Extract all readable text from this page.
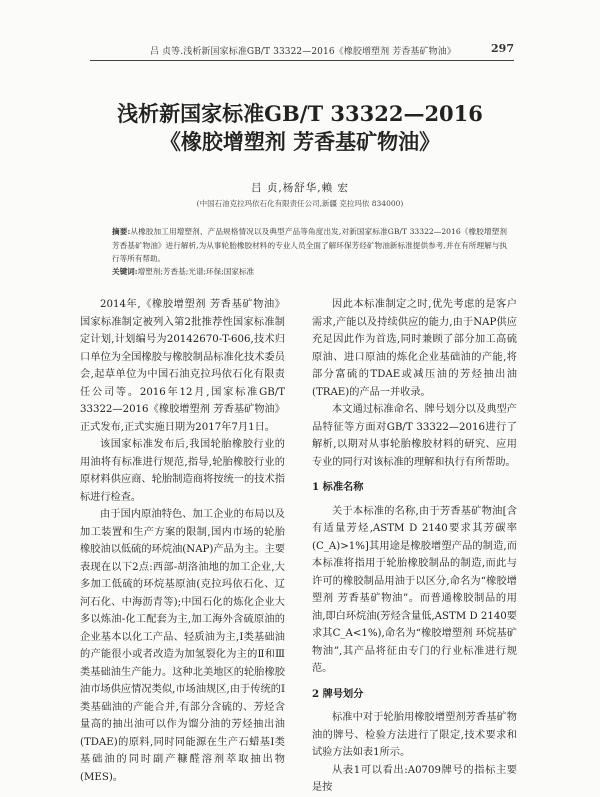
吕 贞等.浅析新国家标准GB/T 33322—2016《橡胶增塑剂 芳香基矿物油》	297
浅析新国家标准GB/T 33322—2016
《橡胶增塑剂 芳香基矿物油》
吕 贞,杨舒华,赖 宏
(中国石油克拉玛依石化有限责任公司,新疆 克拉玛依 834000)
摘要:从橡胶加工用增塑剂、产品规格情况以及典型产品等角度出发,对新国家标准GB/T 33322—2016《橡胶增塑剂 芳香基矿物油》进行解析,为从事轮胎橡胶材料的专业人员全面了解环保芳烃矿物油新标准提供参考,并在有所理解与执行等所有帮助。
关键词:增塑剂;芳香基;光谱;环保;国家标准

2014年,《橡胶增塑剂 芳香基矿物油》国家标准制定被列入第2批推荐性国家标准制定计划,计划编号为20142670-T-606,技术归口单位为全国橡胶与橡胶制品标准化技术委员会,起草单位为中国石油克拉玛依石化有限责任公司等。2016年12月,国家标准GB/T 33322—2016《橡胶增塑剂 芳香基矿物油》正式发布,正式实施日期为2017年7月1日。

该国家标准发布后,我国轮胎橡胶行业的用油将有标准进行规范,指导,轮胎橡胶行业的原材料供应商、轮胎制造商将按统一的技术指标进行检查。

由于国内原油特色、加工企业的布局以及加工装置和生产方案的限制,国内市场的轮胎橡胶油以低硫的环烷油(NAP)产品为主。主要表现在以下2点:西部-胡洛油地的加工企业,大多加工低硫的环烷基原油(克拉玛依石化、辽河石化、中海沥青等);中国石化的炼化企业大多以炼油-化工配套为主,加工海外含硫原油的企业基本以化工产品、轻质油为主,Ⅰ类基础油的产能很小或者改造为加氢裂化为主的Ⅱ和Ⅲ类基础油生产能力。这种北美地区的轮胎橡胶油市场供应情况类似,市场油规区,由于传统的Ⅰ类基础油的产能合并,有部分含硫的、芳烃含量高的抽出油可以作为馏分油的芳烃抽出油(TDAE)的原料,同时同能源在生产石蜡基Ⅰ类基础油的同时副产糠醛溶剂萃取抽出物(MES)。

因此本标准制定之时,优先考虑的是客户需求,产能以及持续供应的能力,由于NAP供应充足因此作为首选,同时兼顾了部分加工高硫原油、进口原油的炼化企业基础油的产能,将部分富硫的TDAE或减压油的芳烃抽出油(TRAE)的产品一并收录。

本文通过标准命名、牌号划分以及典型产品特征等方面对GB/T 33322—2016进行了解析,以期对从事轮胎橡胶材料的研究、应用专业的同行对该标准的理解和执行有所帮助。

1 标准名称

关于本标准的名称,由于芳香基矿物油[含有适量芳烃,ASTM D 2140要求其芳碳率(C_A)>1%]其用途是橡胶增塑产品的制造,而本标准将指用于轮胎橡胶制品的制造,而此与许可的橡胶制品用油于以区分,命名为“橡胶增塑剂 芳香基矿物油”。而普通橡胶制品的用油,即白环烷油(芳烃含量低,ASTM D 2140要求其C_A<1%),命名为“橡胶增塑剂 环烷基矿物油”,其产品将征由专门的行业标准进行规范。

2 牌号划分

标准中对于轮胎用橡胶增塑剂芳香基矿物油的牌号、检验方法进行了限定,技术要求和试验方法如表1所示。

从表1可以看出:A0709牌号的指标主要是按
